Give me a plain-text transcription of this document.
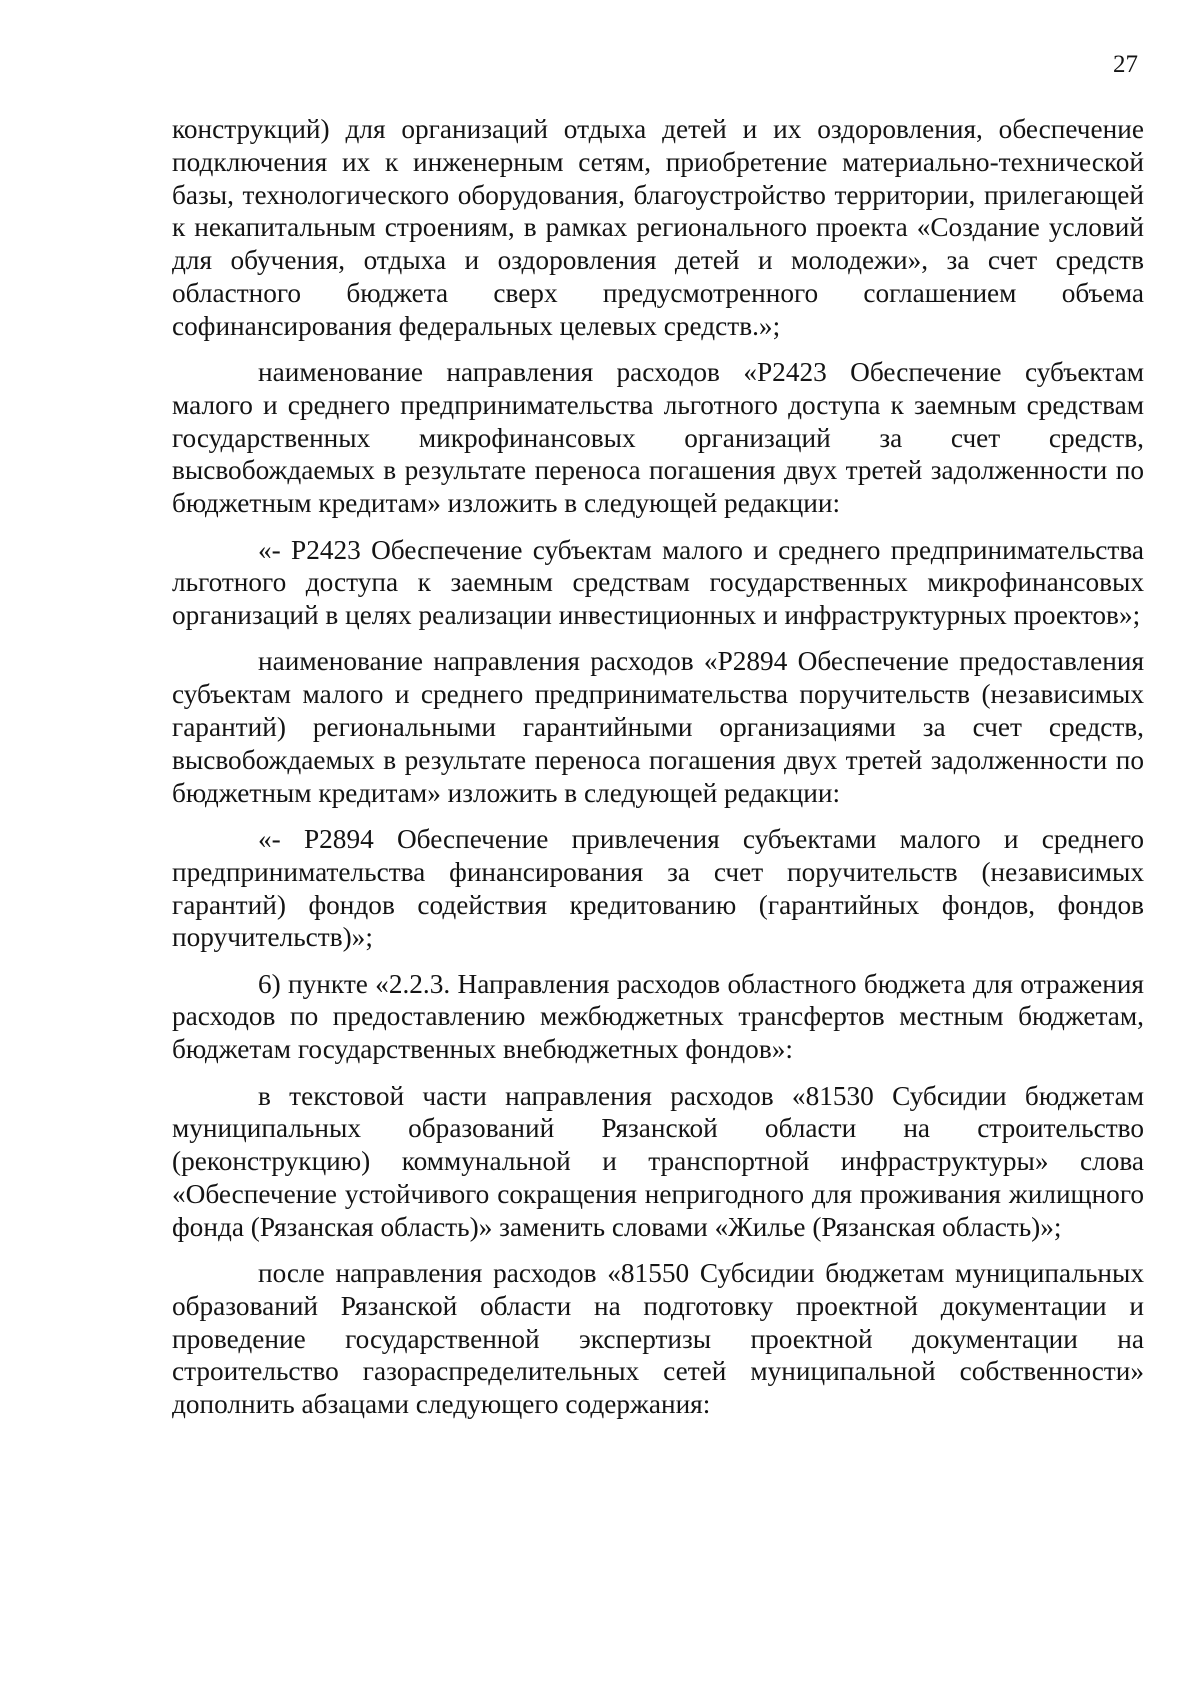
27

конструкций) для организаций отдыха детей и их оздоровления, обеспечение подключения их к инженерным сетям, приобретение материально-технической базы, технологического оборудования, благоустройство территории, прилегающей к некапитальным строениям, в рамках регионального проекта «Создание условий для обучения, отдыха и оздоровления детей и молодежи», за счет средств областного бюджета сверх предусмотренного соглашением объема софинансирования федеральных целевых средств.»;

наименование направления расходов «Р2423 Обеспечение субъектам малого и среднего предпринимательства льготного доступа к заемным средствам государственных микрофинансовых организаций за счет средств, высвобождаемых в результате переноса погашения двух третей задолженности по бюджетным кредитам» изложить в следующей редакции:

«- Р2423 Обеспечение субъектам малого и среднего предпринимательства льготного доступа к заемным средствам государственных микрофинансовых организаций в целях реализации инвестиционных и инфраструктурных проектов»;

наименование направления расходов «Р2894 Обеспечение предоставления субъектам малого и среднего предпринимательства поручительств (независимых гарантий) региональными гарантийными организациями за счет средств, высвобождаемых в результате переноса погашения двух третей задолженности по бюджетным кредитам» изложить в следующей редакции:

«- Р2894 Обеспечение привлечения субъектами малого и среднего предпринимательства финансирования за счет поручительств (независимых гарантий) фондов содействия кредитованию (гарантийных фондов, фондов поручительств)»;

6) пункте «2.2.3. Направления расходов областного бюджета для отражения расходов по предоставлению межбюджетных трансфертов местным бюджетам, бюджетам государственных внебюджетных фондов»:

в текстовой части направления расходов «81530 Субсидии бюджетам муниципальных образований Рязанской области на строительство (реконструкцию) коммунальной и транспортной инфраструктуры» слова «Обеспечение устойчивого сокращения непригодного для проживания жилищного фонда (Рязанская область)» заменить словами «Жилье (Рязанская область)»;

после направления расходов «81550 Субсидии бюджетам муниципальных образований Рязанской области на подготовку проектной документации и проведение государственной экспертизы проектной документации на строительство газораспределительных сетей муниципальной собственности» дополнить абзацами следующего содержания:
